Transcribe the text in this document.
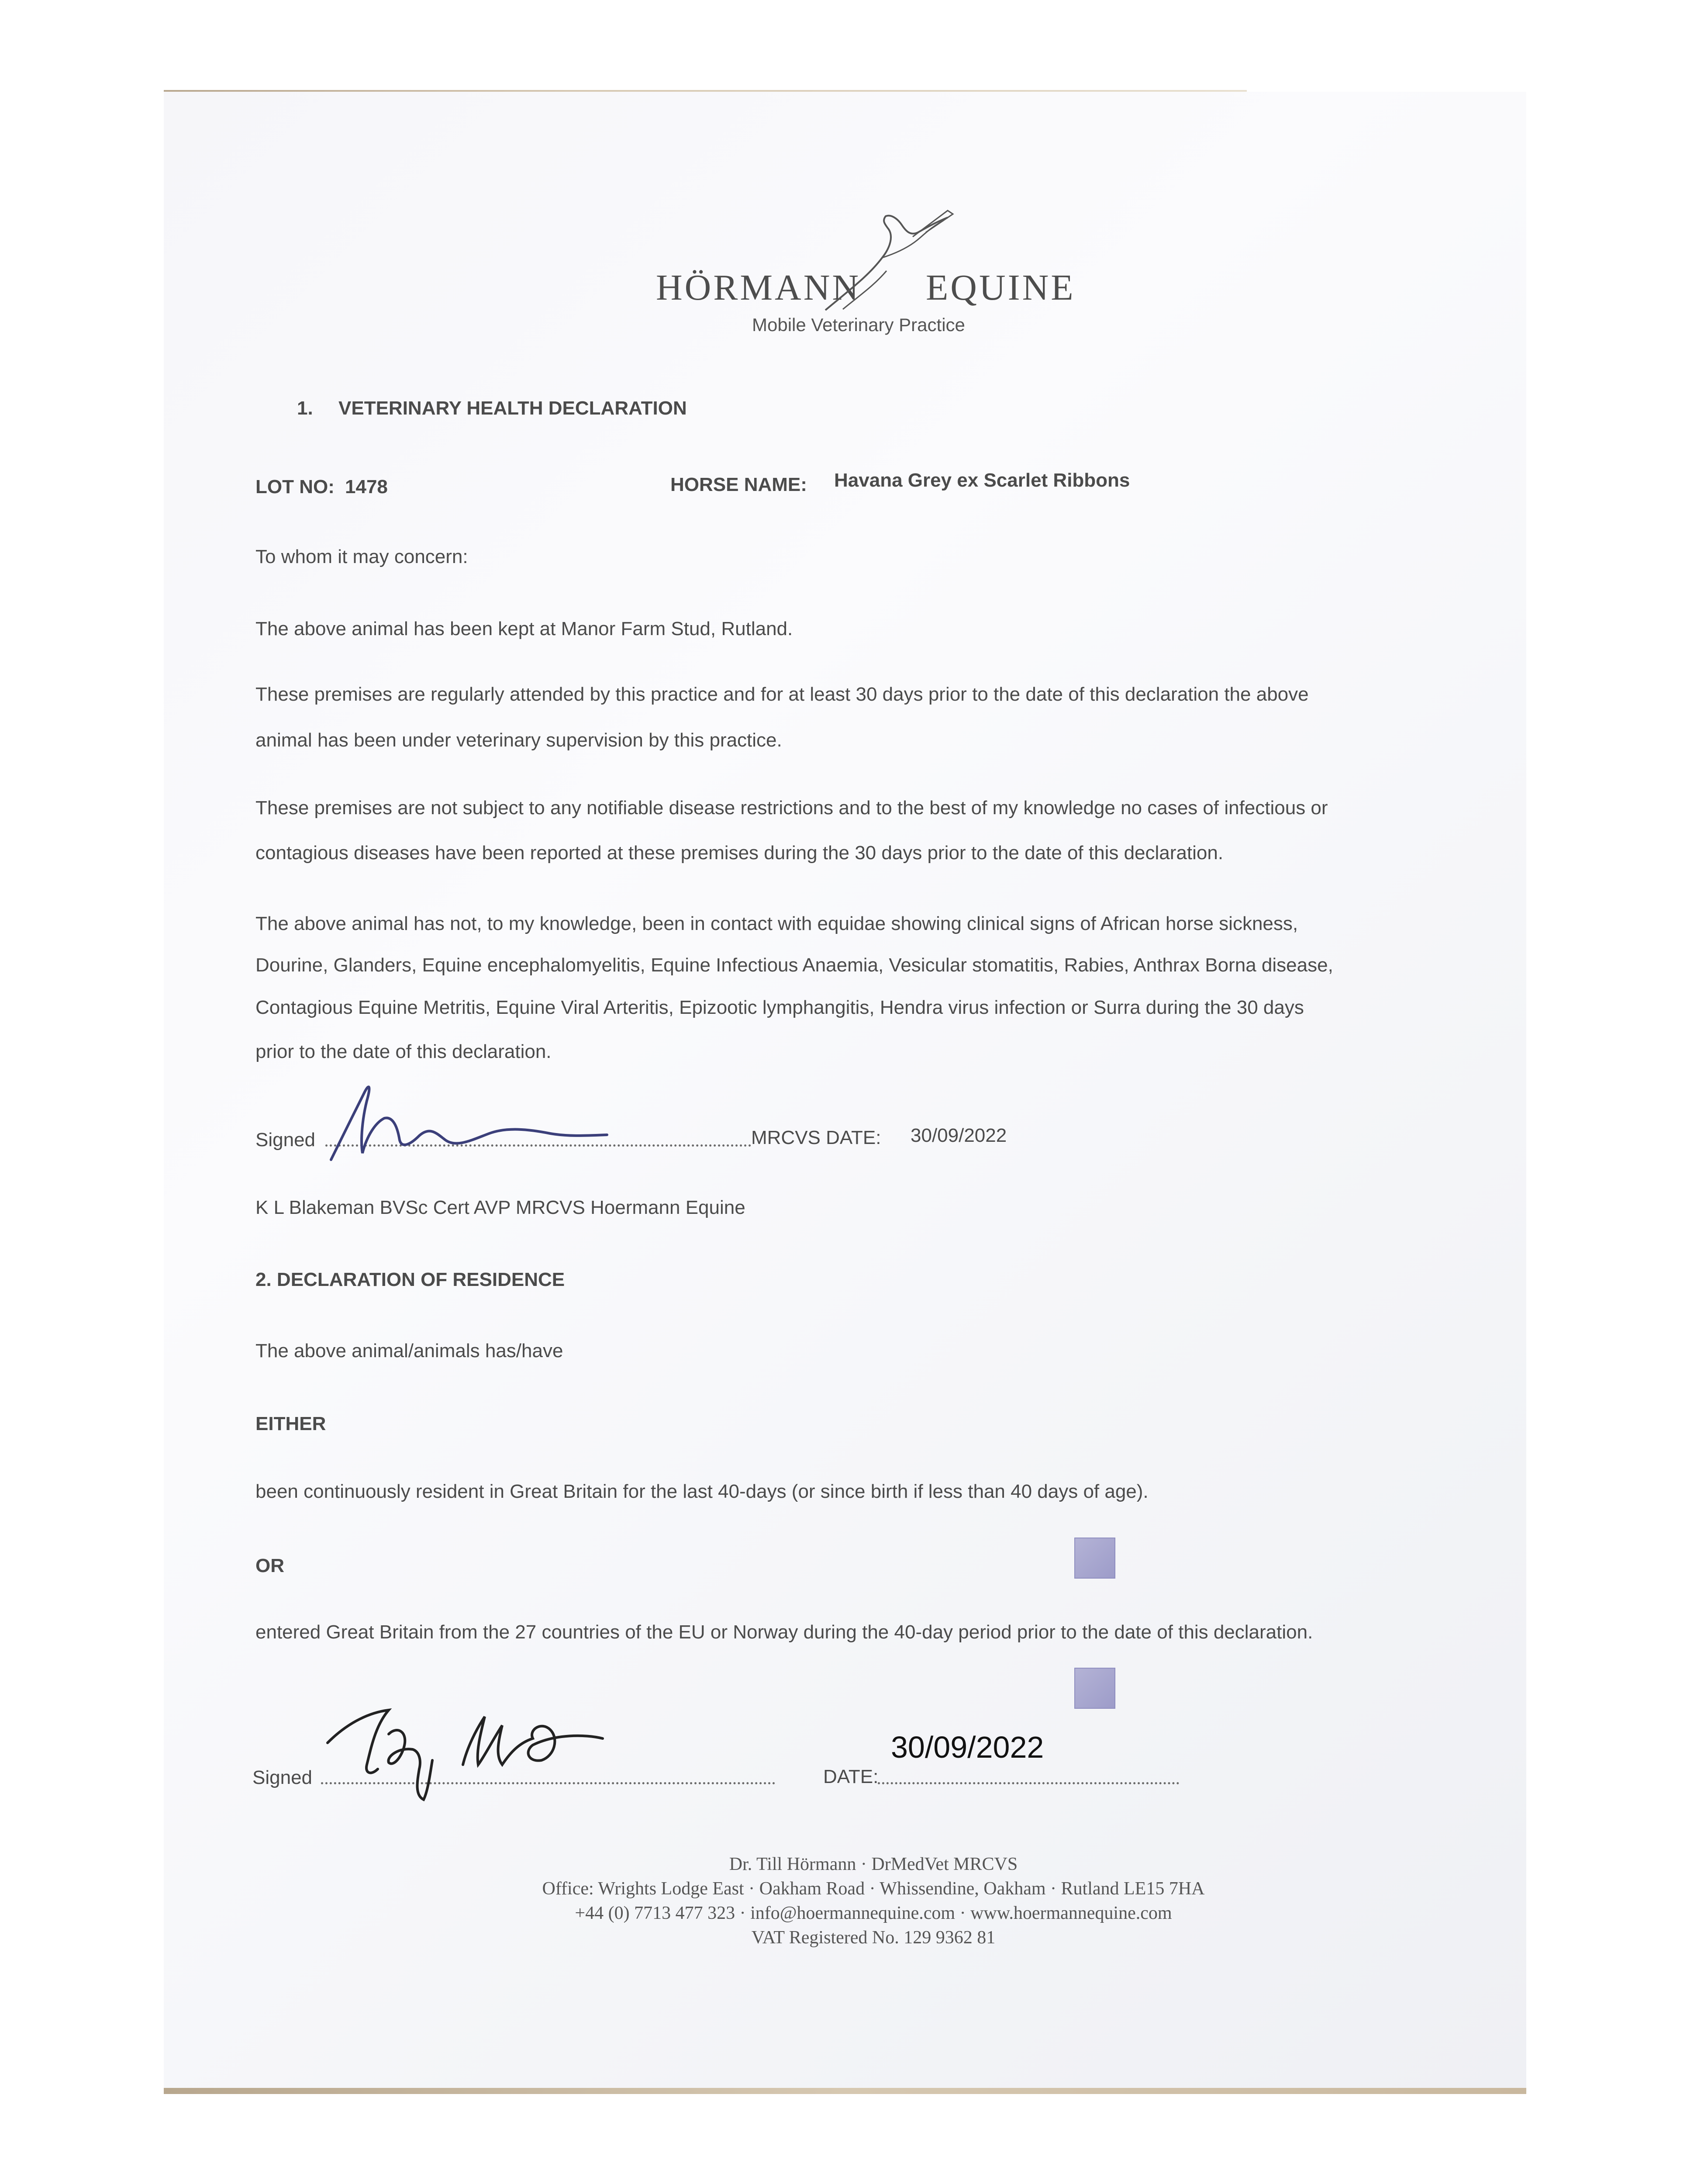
HÖRMANN EQUINE
Mobile Veterinary Practice
1. VETERINARY HEALTH DECLARATION
LOT NO: 1478	HORSE NAME: Havana Grey ex Scarlet Ribbons
To whom it may concern:
The above animal has been kept at Manor Farm Stud, Rutland.
These premises are regularly attended by this practice and for at least 30 days prior to the date of this declaration the above
animal has been under veterinary supervision by this practice.
These premises are not subject to any notifiable disease restrictions and to the best of my knowledge no cases of infectious or
contagious diseases have been reported at these premises during the 30 days prior to the date of this declaration.
The above animal has not, to my knowledge, been in contact with equidae showing clinical signs of African horse sickness,
Dourine, Glanders, Equine encephalomyelitis, Equine Infectious Anaemia, Vesicular stomatitis, Rabies, Anthrax Borna disease,
Contagious Equine Metritis, Equine Viral Arteritis, Epizootic lymphangitis, Hendra virus infection or Surra during the 30 days
prior to the date of this declaration.
Signed	MRCVS DATE: 30/09/2022
K L Blakeman BVSc Cert AVP MRCVS Hoermann Equine
2. DECLARATION OF RESIDENCE
The above animal/animals has/have
EITHER
been continuously resident in Great Britain for the last 40-days (or since birth if less than 40 days of age).
OR
entered Great Britain from the 27 countries of the EU or Norway during the 40-day period prior to the date of this declaration.
Signed	DATE:
30/09/2022
Dr. Till Hörmann · DrMedVet MRCVS
Office: Wrights Lodge East · Oakham Road · Whissendine, Oakham · Rutland LE15 7HA
+44 (0) 7713 477 323 · info@hoermannequine.com · www.hoermannequine.com
VAT Registered No. 129 9362 81
